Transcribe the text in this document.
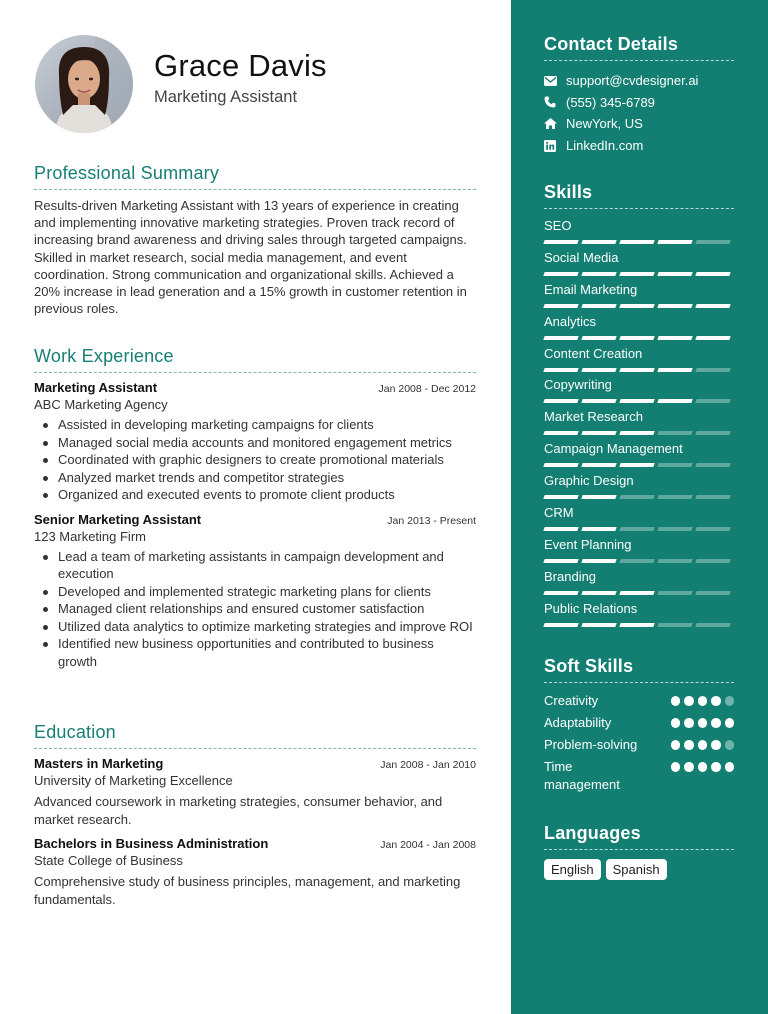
Grace Davis
Marketing Assistant
Professional Summary

Results-driven Marketing Assistant with 13 years of experience in creating and implementing innovative marketing strategies. Proven track record of increasing brand awareness and driving sales through targeted campaigns. Skilled in market research, social media management, and event coordination. Strong communication and organizational skills. Achieved a 20% increase in lead generation and a 15% growth in customer retention in previous roles.

Work Experience
Marketing Assistant	Jan 2008 - Dec 2012
ABC Marketing Agency
Assisted in developing marketing campaigns for clients
Managed social media accounts and monitored engagement metrics
Coordinated with graphic designers to create promotional materials
Analyzed market trends and competitor strategies
Organized and executed events to promote client products
Senior Marketing Assistant	Jan 2013 - Present
123 Marketing Firm
Lead a team of marketing assistants in campaign development and execution
Developed and implemented strategic marketing plans for clients
Managed client relationships and ensured customer satisfaction
Utilized data analytics to optimize marketing strategies and improve ROI
Identified new business opportunities and contributed to business growth
Education
Masters in Marketing	Jan 2008 - Jan 2010
University of Marketing Excellence
Advanced coursework in marketing strategies, consumer behavior, and market research.
Bachelors in Business Administration	Jan 2004 - Jan 2008
State College of Business
Comprehensive study of business principles, management, and marketing fundamentals.
Contact Details
support@cvdesigner.ai
(555) 345-6789
NewYork, US
LinkedIn.com
Skills
SEO
Social Media
Email Marketing
Analytics
Content Creation
Copywriting
Market Research
Campaign Management
Graphic Design
CRM
Event Planning
Branding
Public Relations
Soft Skills
Creativity
Adaptability
Problem-solving
Time management
Languages
English	Spanish
